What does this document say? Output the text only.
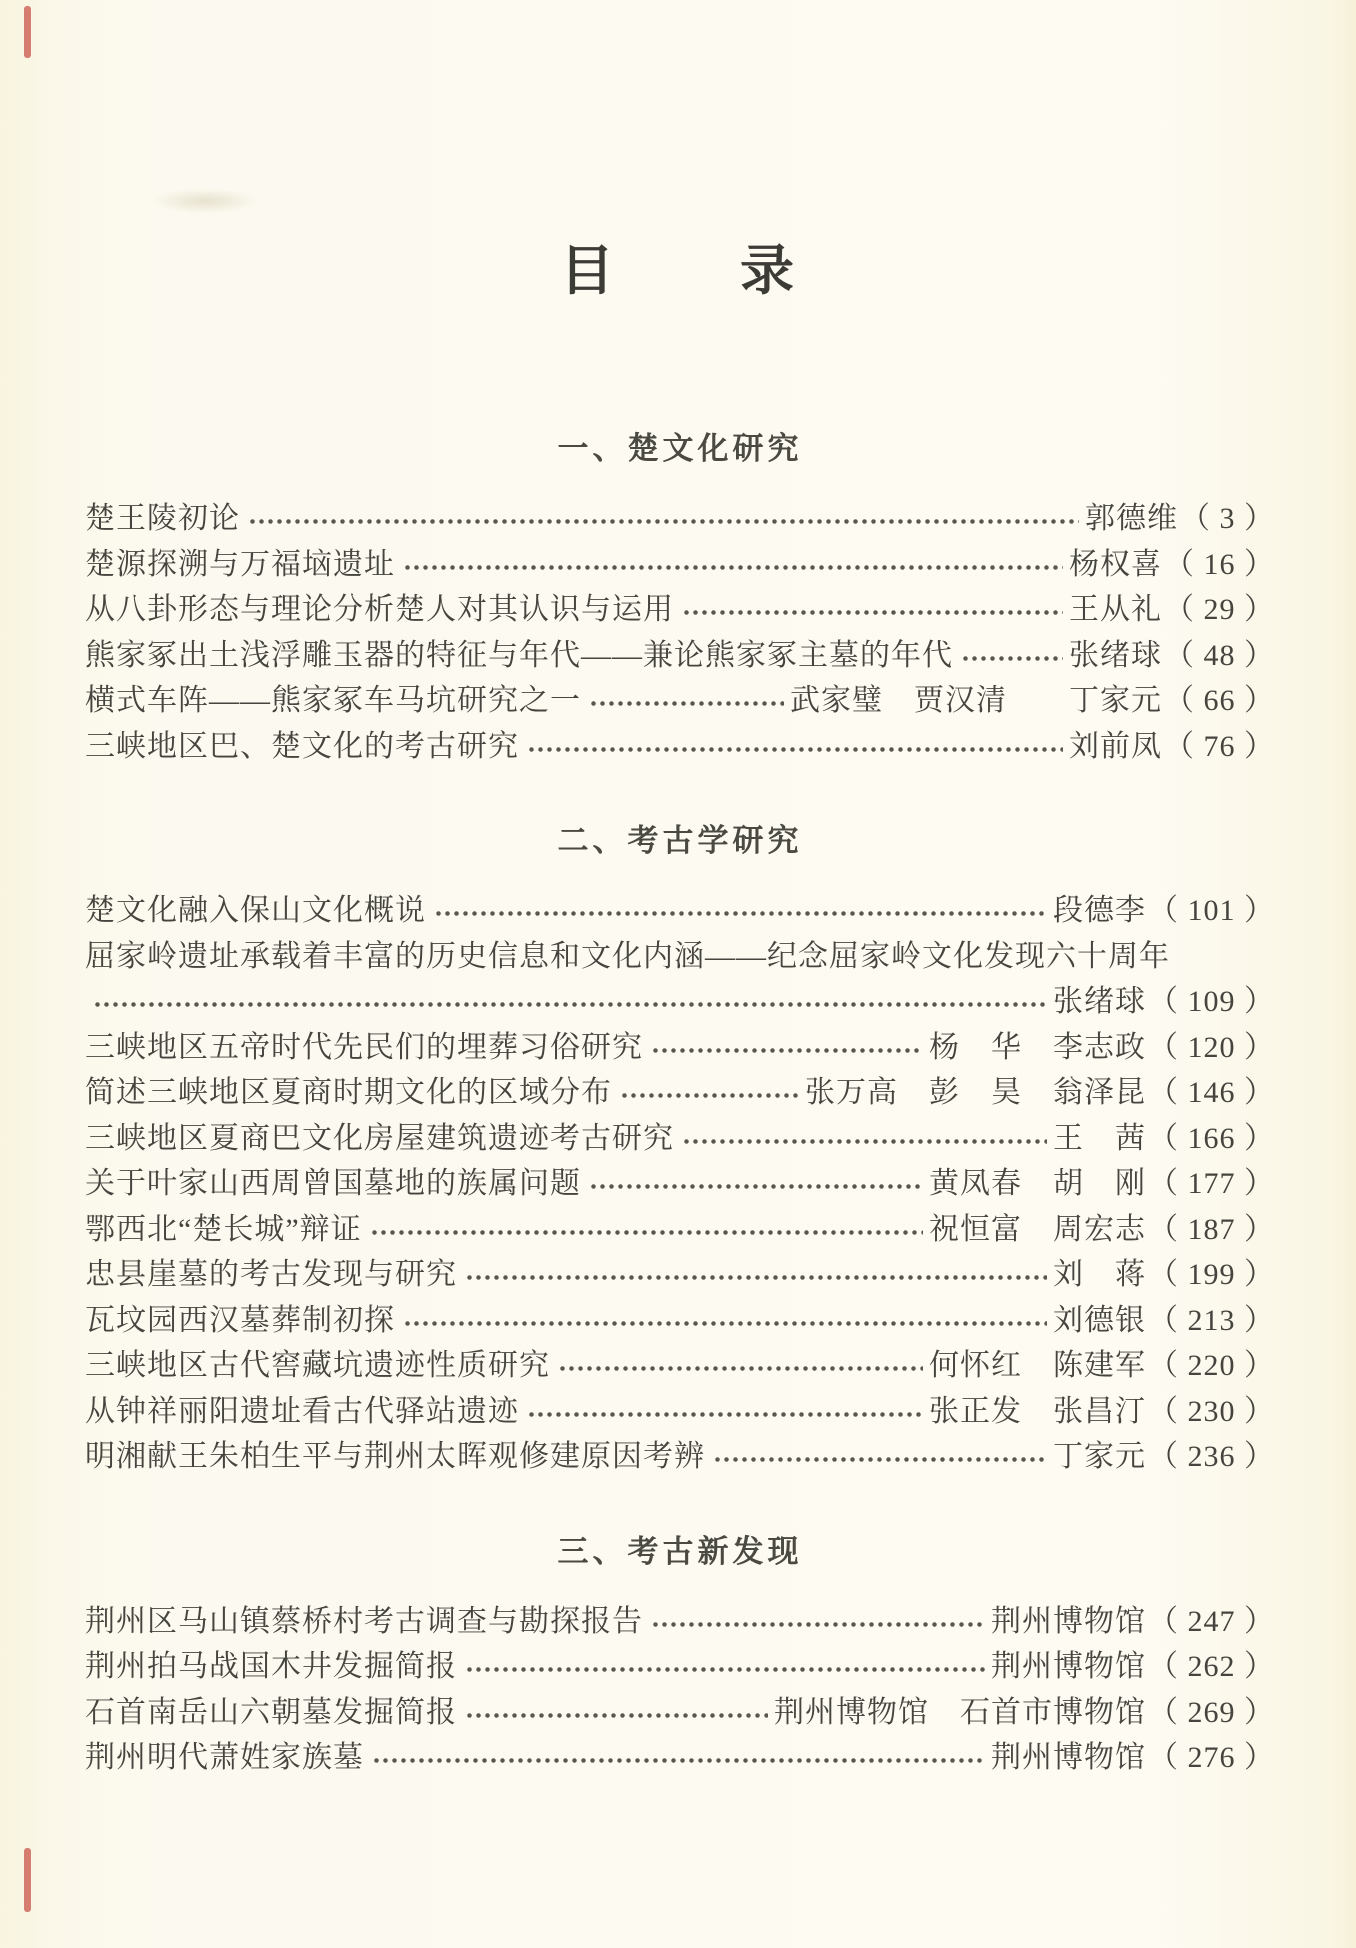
目　　录
一、楚文化研究
楚王陵初论	郭德维 （ 3 ）
楚源探溯与万福垴遗址	杨权喜 （ 16 ）
从八卦形态与理论分析楚人对其认识与运用	王从礼 （ 29 ）
熊家冢出土浅浮雕玉器的特征与年代——兼论熊家冢主墓的年代	张绪球 （ 48 ）
横式车阵——熊家冢车马坑研究之一	武家璧　贾汉清　　丁家元 （ 66 ）
三峡地区巴、楚文化的考古研究	刘前凤 （ 76 ）
二、考古学研究
楚文化融入保山文化概说	段德李 （ 101 ）
屈家岭遗址承载着丰富的历史信息和文化内涵——纪念屈家岭文化发现六十周年
张绪球 （ 109 ）
三峡地区五帝时代先民们的埋葬习俗研究	杨　华　李志政 （ 120 ）
简述三峡地区夏商时期文化的区域分布	张万高　彭　昊　翁泽昆 （ 146 ）
三峡地区夏商巴文化房屋建筑遗迹考古研究	王　茜 （ 166 ）
关于叶家山西周曾国墓地的族属问题	黄凤春　胡　刚 （ 177 ）
鄂西北“楚长城”辩证	祝恒富　周宏志 （ 187 ）
忠县崖墓的考古发现与研究	刘　蒋 （ 199 ）
瓦坟园西汉墓葬制初探	刘德银 （ 213 ）
三峡地区古代窖藏坑遗迹性质研究	何怀红　陈建军 （ 220 ）
从钟祥丽阳遗址看古代驿站遗迹	张正发　张昌汀 （ 230 ）
明湘献王朱柏生平与荆州太晖观修建原因考辨	丁家元 （ 236 ）
三、考古新发现
荆州区马山镇蔡桥村考古调查与勘探报告	荆州博物馆 （ 247 ）
荆州拍马战国木井发掘简报	荆州博物馆 （ 262 ）
石首南岳山六朝墓发掘简报	荆州博物馆　石首市博物馆 （ 269 ）
荆州明代萧姓家族墓	荆州博物馆 （ 276 ）
